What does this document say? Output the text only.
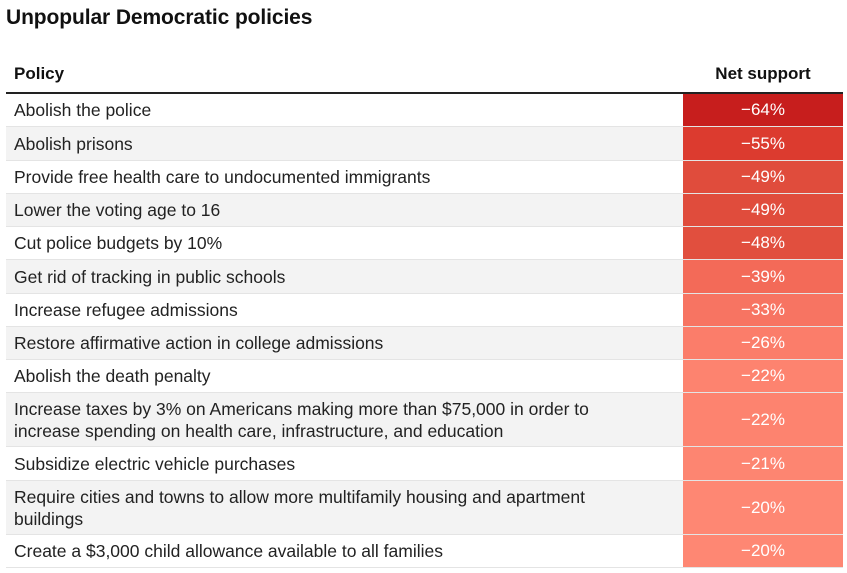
Unpopular Democratic policies
Policy	Net support
Abolish the police	−64%
Abolish prisons	−55%
Provide free health care to undocumented immigrants	−49%
Lower the voting age to 16	−49%
Cut police budgets by 10%	−48%
Get rid of tracking in public schools	−39%
Increase refugee admissions	−33%
Restore affirmative action in college admissions	−26%
Abolish the death penalty	−22%
Increase taxes by 3% on Americans making more than $75,000 in order to increase spending on health care, infrastructure, and education
−22%
Subsidize electric vehicle purchases	−21%
Require cities and towns to allow more multifamily housing and apartment buildings
−20%
Create a $3,000 child allowance available to all families	−20%
